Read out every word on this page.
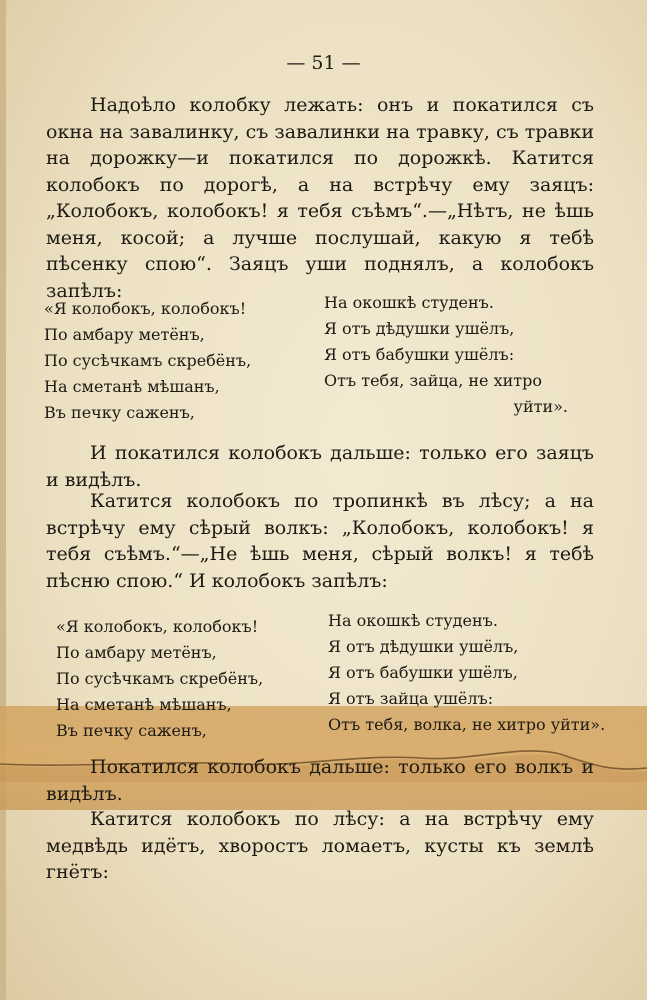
— 51 —

Надоѣло колобку лежать: онъ и покатился съ окна на завалинку, съ завалинки на травку, съ травки на дорожку—и покатился по дорожкѣ. Катится колобокъ по дорогѣ, а на встрѣчу ему заяцъ: „Колобокъ, колобокъ! я тебя съѣмъ“.—„Нѣтъ, не ѣшь меня, косой; а лучше послушай, какую я тебѣ пѣсенку спою“. Заяцъ уши поднялъ, а колобокъ запѣлъ:

«Я колобокъ, колобокъ!
По амбару метёнъ,
По сусѣчкамъ скребёнъ,
На сметанѣ мѣшанъ,
Въ печку саженъ,
На окошкѣ студенъ.
Я отъ дѣдушки ушёлъ,
Я отъ бабушки ушёлъ:
Отъ тебя, зайца, не хитро
уйти».

И покатился колобокъ дальше: только его заяцъ и видѣлъ.

Катится колобокъ по тропинкѣ въ лѣсу; а на встрѣчу ему сѣрый волкъ: „Колобокъ, колобокъ! я тебя съѣмъ.“—„Не ѣшь меня, сѣрый волкъ! я тебѣ пѣсню спою.“ И колобокъ запѣлъ:

«Я колобокъ, колобокъ!
По амбару метёнъ,
По сусѣчкамъ скребёнъ,
На сметанѣ мѣшанъ,
Въ печку саженъ,
На окошкѣ студенъ.
Я отъ дѣдушки ушёлъ,
Я отъ бабушки ушёлъ,
Я отъ зайца ушёлъ:
Отъ тебя, волка, не хитро уйти».

Покатился колобокъ дальше: только его волкъ и видѣлъ.

Катится колобокъ по лѣсу: а на встрѣчу ему медвѣдь идётъ, хворостъ ломаетъ, кусты къ землѣ гнётъ:
